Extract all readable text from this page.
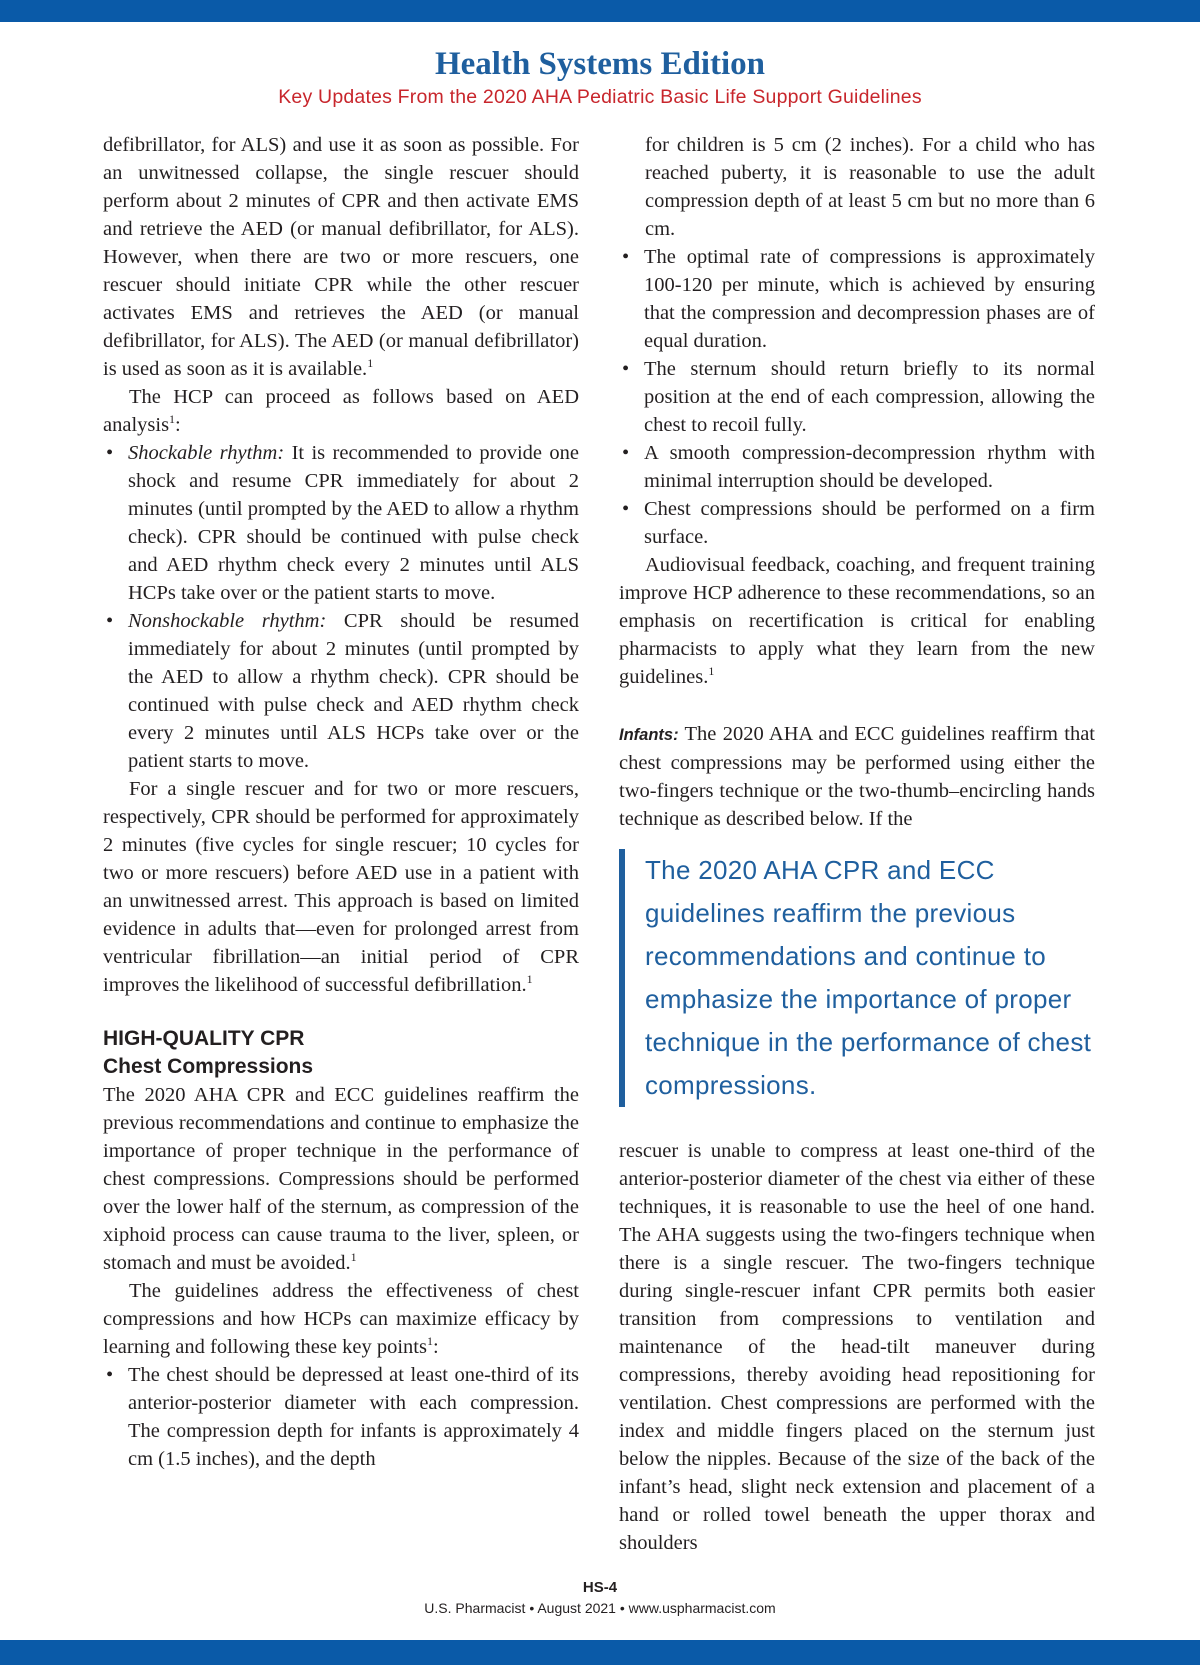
Health Systems Edition
Key Updates From the 2020 AHA Pediatric Basic Life Support Guidelines

defibrillator, for ALS) and use it as soon as possible. For an unwitnessed collapse, the single rescuer should perform about 2 minutes of CPR and then activate EMS and retrieve the AED (or manual defibrillator, for ALS). However, when there are two or more rescuers, one rescuer should initiate CPR while the other rescuer activates EMS and retrieves the AED (or manual defibrillator, for ALS). The AED (or manual defibrillator) is used as soon as it is available.$^1$

The HCP can proceed as follows based on AED analysis$^1$:

• Shockable rhythm: It is recommended to provide one shock and resume CPR immediately for about 2 minutes (until prompted by the AED to allow a rhythm check). CPR should be continued with pulse check and AED rhythm check every 2 minutes until ALS HCPs take over or the patient starts to move.
• Nonshockable rhythm: CPR should be resumed immediately for about 2 minutes (until prompted by the AED to allow a rhythm check). CPR should be continued with pulse check and AED rhythm check every 2 minutes until ALS HCPs take over or the patient starts to move.

For a single rescuer and for two or more rescuers, respectively, CPR should be performed for approximately 2 minutes (five cycles for single rescuer; 10 cycles for two or more rescuers) before AED use in a patient with an unwitnessed arrest. This approach is based on limited evidence in adults that—even for prolonged arrest from ventricular fibrillation—an initial period of CPR improves the likelihood of successful defibrillation.$^1$

HIGH-QUALITY CPR
Chest Compressions

The 2020 AHA CPR and ECC guidelines reaffirm the previous recommendations and continue to emphasize the importance of proper technique in the performance of chest compressions. Compressions should be performed over the lower half of the sternum, as compression of the xiphoid process can cause trauma to the liver, spleen, or stomach and must be avoided.$^1$

The guidelines address the effectiveness of chest compressions and how HCPs can maximize efficacy by learning and following these key points$^1$:

• The chest should be depressed at least one-third of its anterior-posterior diameter with each compression. The compression depth for infants is approximately 4 cm (1.5 inches), and the depth

for children is 5 cm (2 inches). For a child who has reached puberty, it is reasonable to use the adult compression depth of at least 5 cm but no more than 6 cm.

• The optimal rate of compressions is approximately 100-120 per minute, which is achieved by ensuring that the compression and decompression phases are of equal duration.
• The sternum should return briefly to its normal position at the end of each compression, allowing the chest to recoil fully.
• A smooth compression-decompression rhythm with minimal interruption should be developed.
• Chest compressions should be performed on a firm surface.

Audiovisual feedback, coaching, and frequent training improve HCP adherence to these recommendations, so an emphasis on recertification is critical for enabling pharmacists to apply what they learn from the new guidelines.$^1$

Infants: The 2020 AHA and ECC guidelines reaffirm that chest compressions may be performed using either the two-fingers technique or the two-thumb–encircling hands technique as described below. If the

The 2020 AHA CPR and ECC guidelines reaffirm the previous recommendations and continue to emphasize the importance of proper technique in the performance of chest compressions.

rescuer is unable to compress at least one-third of the anterior-posterior diameter of the chest via either of these techniques, it is reasonable to use the heel of one hand. The AHA suggests using the two-fingers technique when there is a single rescuer. The two-fingers technique during single-rescuer infant CPR permits both easier transition from compressions to ventilation and maintenance of the head-tilt maneuver during compressions, thereby avoiding head repositioning for ventilation. Chest compressions are performed with the index and middle fingers placed on the sternum just below the nipples. Because of the size of the back of the infant’s head, slight neck extension and placement of a hand or rolled towel beneath the upper thorax and shoulders

HS-4
U.S. Pharmacist • August 2021 • www.uspharmacist.com
